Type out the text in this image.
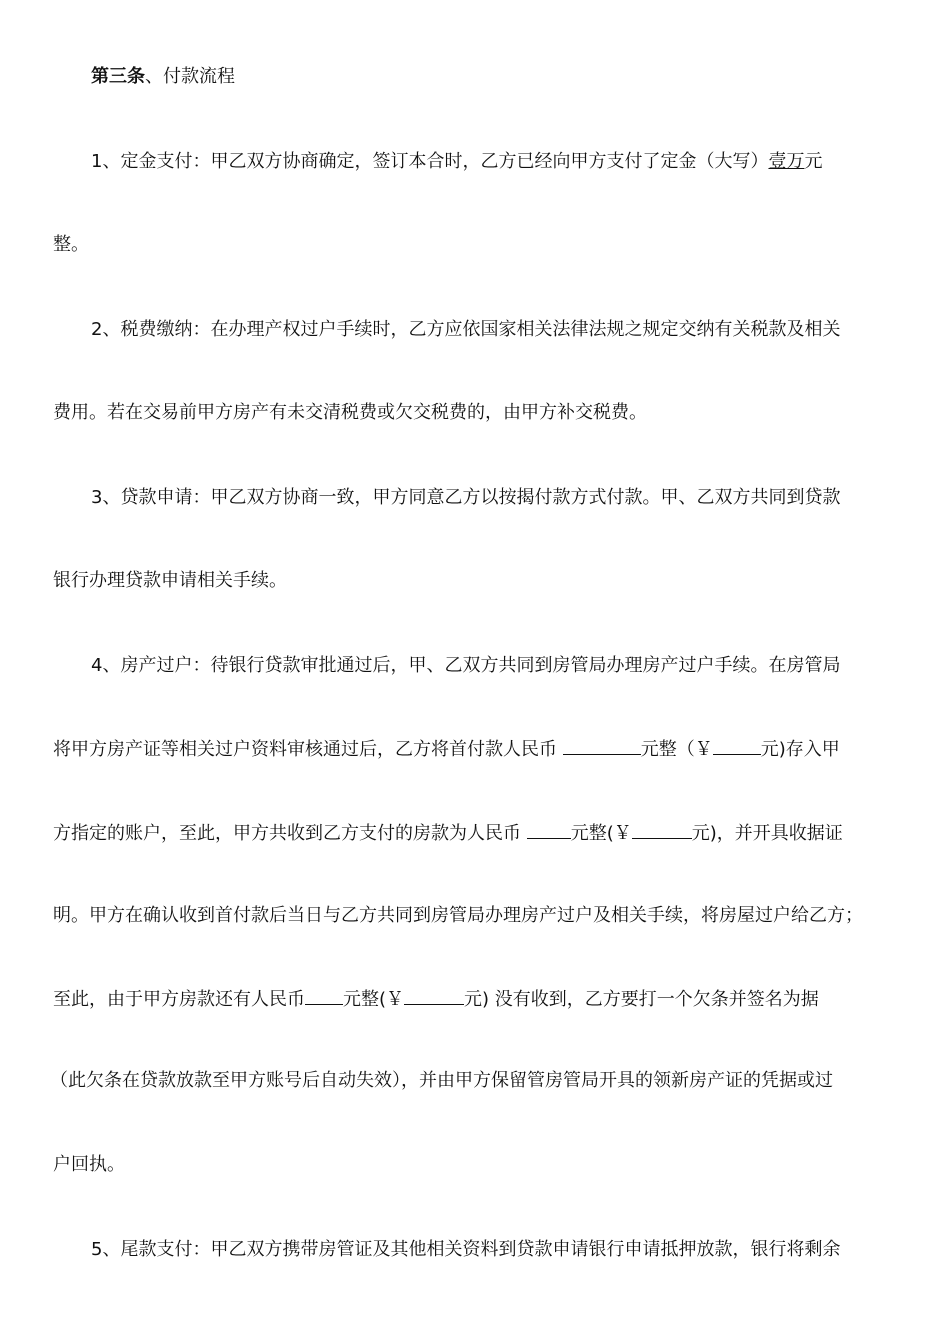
第三条、付款流程
1、定金支付：甲乙双方协商确定，签订本合时，乙方已经向甲方支付了定金（大写）壹万元
整。
2、税费缴纳：在办理产权过户手续时，乙方应依国家相关法律法规之规定交纳有关税款及相关
费用。若在交易前甲方房产有未交清税费或欠交税费的，由甲方补交税费。
3、贷款申请：甲乙双方协商一致，甲方同意乙方以按揭付款方式付款。甲、乙双方共同到贷款
银行办理贷款申请相关手续。
4、房产过户：待银行贷款审批通过后，甲、乙双方共同到房管局办理房产过户手续。在房管局
将甲方房产证等相关过户资料审核通过后，乙方将首付款人民币	元整（￥	元)存入甲
方指定的账户，至此，甲方共收到乙方支付的房款为人民币	元整(￥	元)，并开具收据证
明。甲方在确认收到首付款后当日与乙方共同到房管局办理房产过户及相关手续，将房屋过户给乙方；
至此，由于甲方房款还有人民币 元整(￥	元) 没有收到，乙方要打一个欠条并签名为据
（此欠条在贷款放款至甲方账号后自动失效），并由甲方保留管房管局开具的领新房产证的凭据或过
户回执。
5、尾款支付：甲乙双方携带房管证及其他相关资料到贷款申请银行申请抵押放款，银行将剩余
